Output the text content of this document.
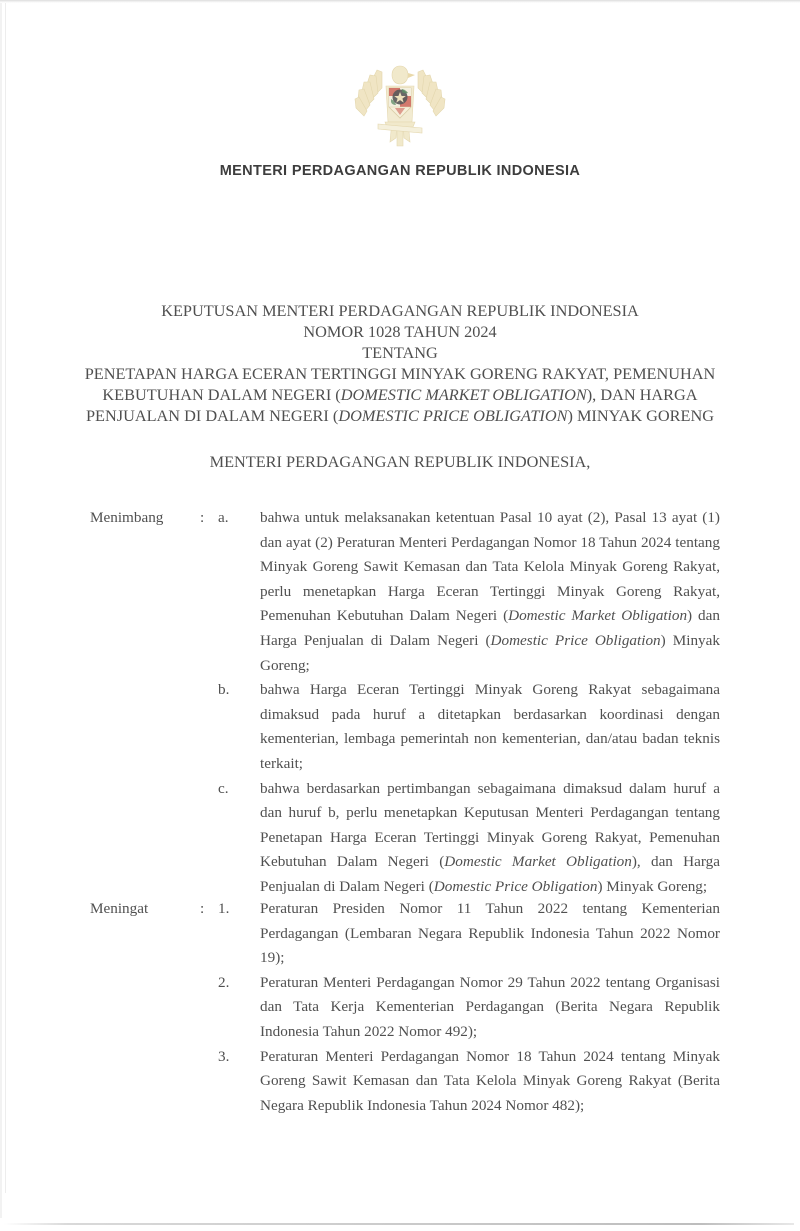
MENTERI PERDAGANGAN REPUBLIK INDONESIA
KEPUTUSAN MENTERI PERDAGANGAN REPUBLIK INDONESIA
NOMOR 1028 TAHUN 2024
TENTANG
PENETAPAN HARGA ECERAN TERTINGGI MINYAK GORENG RAKYAT, PEMENUHAN KEBUTUHAN DALAM NEGERI (DOMESTIC MARKET OBLIGATION), DAN HARGA PENJUALAN DI DALAM NEGERI (DOMESTIC PRICE OBLIGATION) MINYAK GORENG
MENTERI PERDAGANGAN REPUBLIK INDONESIA,
Menimbang	: a.	bahwa untuk melaksanakan ketentuan Pasal 10 ayat (2), Pasal 13 ayat (1) dan ayat (2) Peraturan Menteri Perdagangan Nomor 18 Tahun 2024 tentang Minyak Goreng Sawit Kemasan dan Tata Kelola Minyak Goreng Rakyat, perlu menetapkan Harga Eceran Tertinggi Minyak Goreng Rakyat, Pemenuhan Kebutuhan Dalam Negeri (Domestic Market Obligation) dan Harga Penjualan di Dalam Negeri (Domestic Price Obligation) Minyak Goreng;
b.	bahwa Harga Eceran Tertinggi Minyak Goreng Rakyat sebagaimana dimaksud pada huruf a ditetapkan berdasarkan koordinasi dengan kementerian, lembaga pemerintah non kementerian, dan/atau badan teknis terkait;
c.	bahwa berdasarkan pertimbangan sebagaimana dimaksud dalam huruf a dan huruf b, perlu menetapkan Keputusan Menteri Perdagangan tentang Penetapan Harga Eceran Tertinggi Minyak Goreng Rakyat, Pemenuhan Kebutuhan Dalam Negeri (Domestic Market Obligation), dan Harga Penjualan di Dalam Negeri (Domestic Price Obligation) Minyak Goreng;
Meningat	: 1.	Peraturan Presiden Nomor 11 Tahun 2022 tentang Kementerian Perdagangan (Lembaran Negara Republik Indonesia Tahun 2022 Nomor 19);
2.	Peraturan Menteri Perdagangan Nomor 29 Tahun 2022 tentang Organisasi dan Tata Kerja Kementerian Perdagangan (Berita Negara Republik Indonesia Tahun 2022 Nomor 492);
3.	Peraturan Menteri Perdagangan Nomor 18 Tahun 2024 tentang Minyak Goreng Sawit Kemasan dan Tata Kelola Minyak Goreng Rakyat (Berita Negara Republik Indonesia Tahun 2024 Nomor 482);
